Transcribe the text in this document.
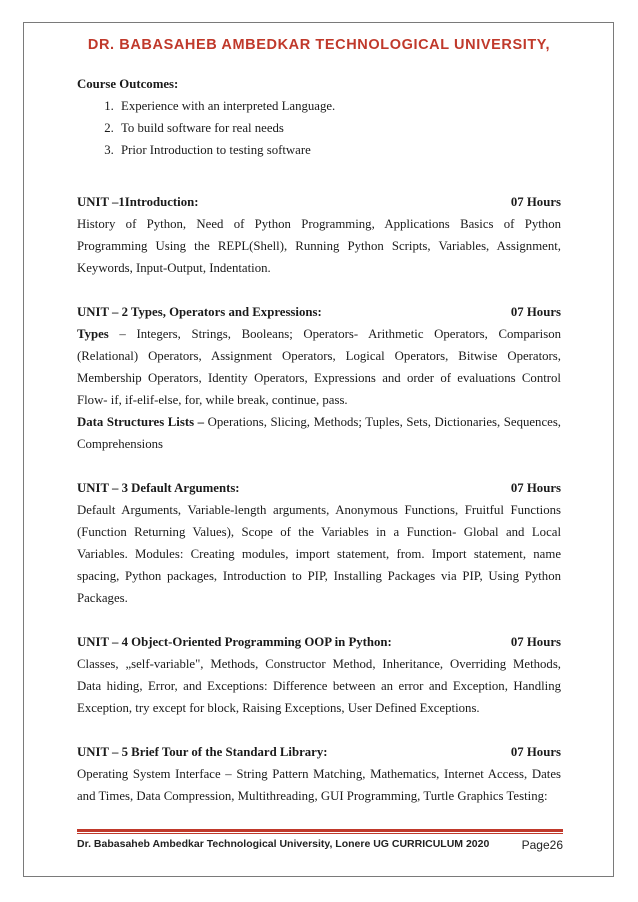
DR. BABASAHEB AMBEDKAR TECHNOLOGICAL UNIVERSITY,
Course Outcomes:
1. Experience with an interpreted Language.
2. To build software for real needs
3. Prior Introduction to testing software
UNIT –1Introduction:	07 Hours

History of Python, Need of Python Programming, Applications Basics of Python Programming Using the REPL(Shell), Running Python Scripts, Variables, Assignment, Keywords, Input-Output, Indentation.

UNIT – 2 Types, Operators and Expressions:	07 Hours

Types – Integers, Strings, Booleans; Operators- Arithmetic Operators, Comparison (Relational) Operators, Assignment Operators, Logical Operators, Bitwise Operators, Membership Operators, Identity Operators, Expressions and order of evaluations Control Flow- if, if-elif-else, for, while break, continue, pass.

Data Structures Lists – Operations, Slicing, Methods; Tuples, Sets, Dictionaries, Sequences, Comprehensions

UNIT – 3 Default Arguments:	07 Hours

Default Arguments, Variable-length arguments, Anonymous Functions, Fruitful Functions (Function Returning Values), Scope of the Variables in a Function- Global and Local Variables. Modules: Creating modules, import statement, from. Import statement, name spacing, Python packages, Introduction to PIP, Installing Packages via PIP, Using Python Packages.

UNIT – 4 Object-Oriented Programming OOP in Python:	07 Hours

Classes, „self-variable", Methods, Constructor Method, Inheritance, Overriding Methods, Data hiding, Error, and Exceptions: Difference between an error and Exception, Handling Exception, try except for block, Raising Exceptions, User Defined Exceptions.

UNIT – 5 Brief Tour of the Standard Library:	07 Hours

Operating System Interface – String Pattern Matching, Mathematics, Internet Access, Dates and Times, Data Compression, Multithreading, GUI Programming, Turtle Graphics Testing:

Dr. Babasaheb Ambedkar Technological University, Lonere UG CURRICULUM 2020	Page26
